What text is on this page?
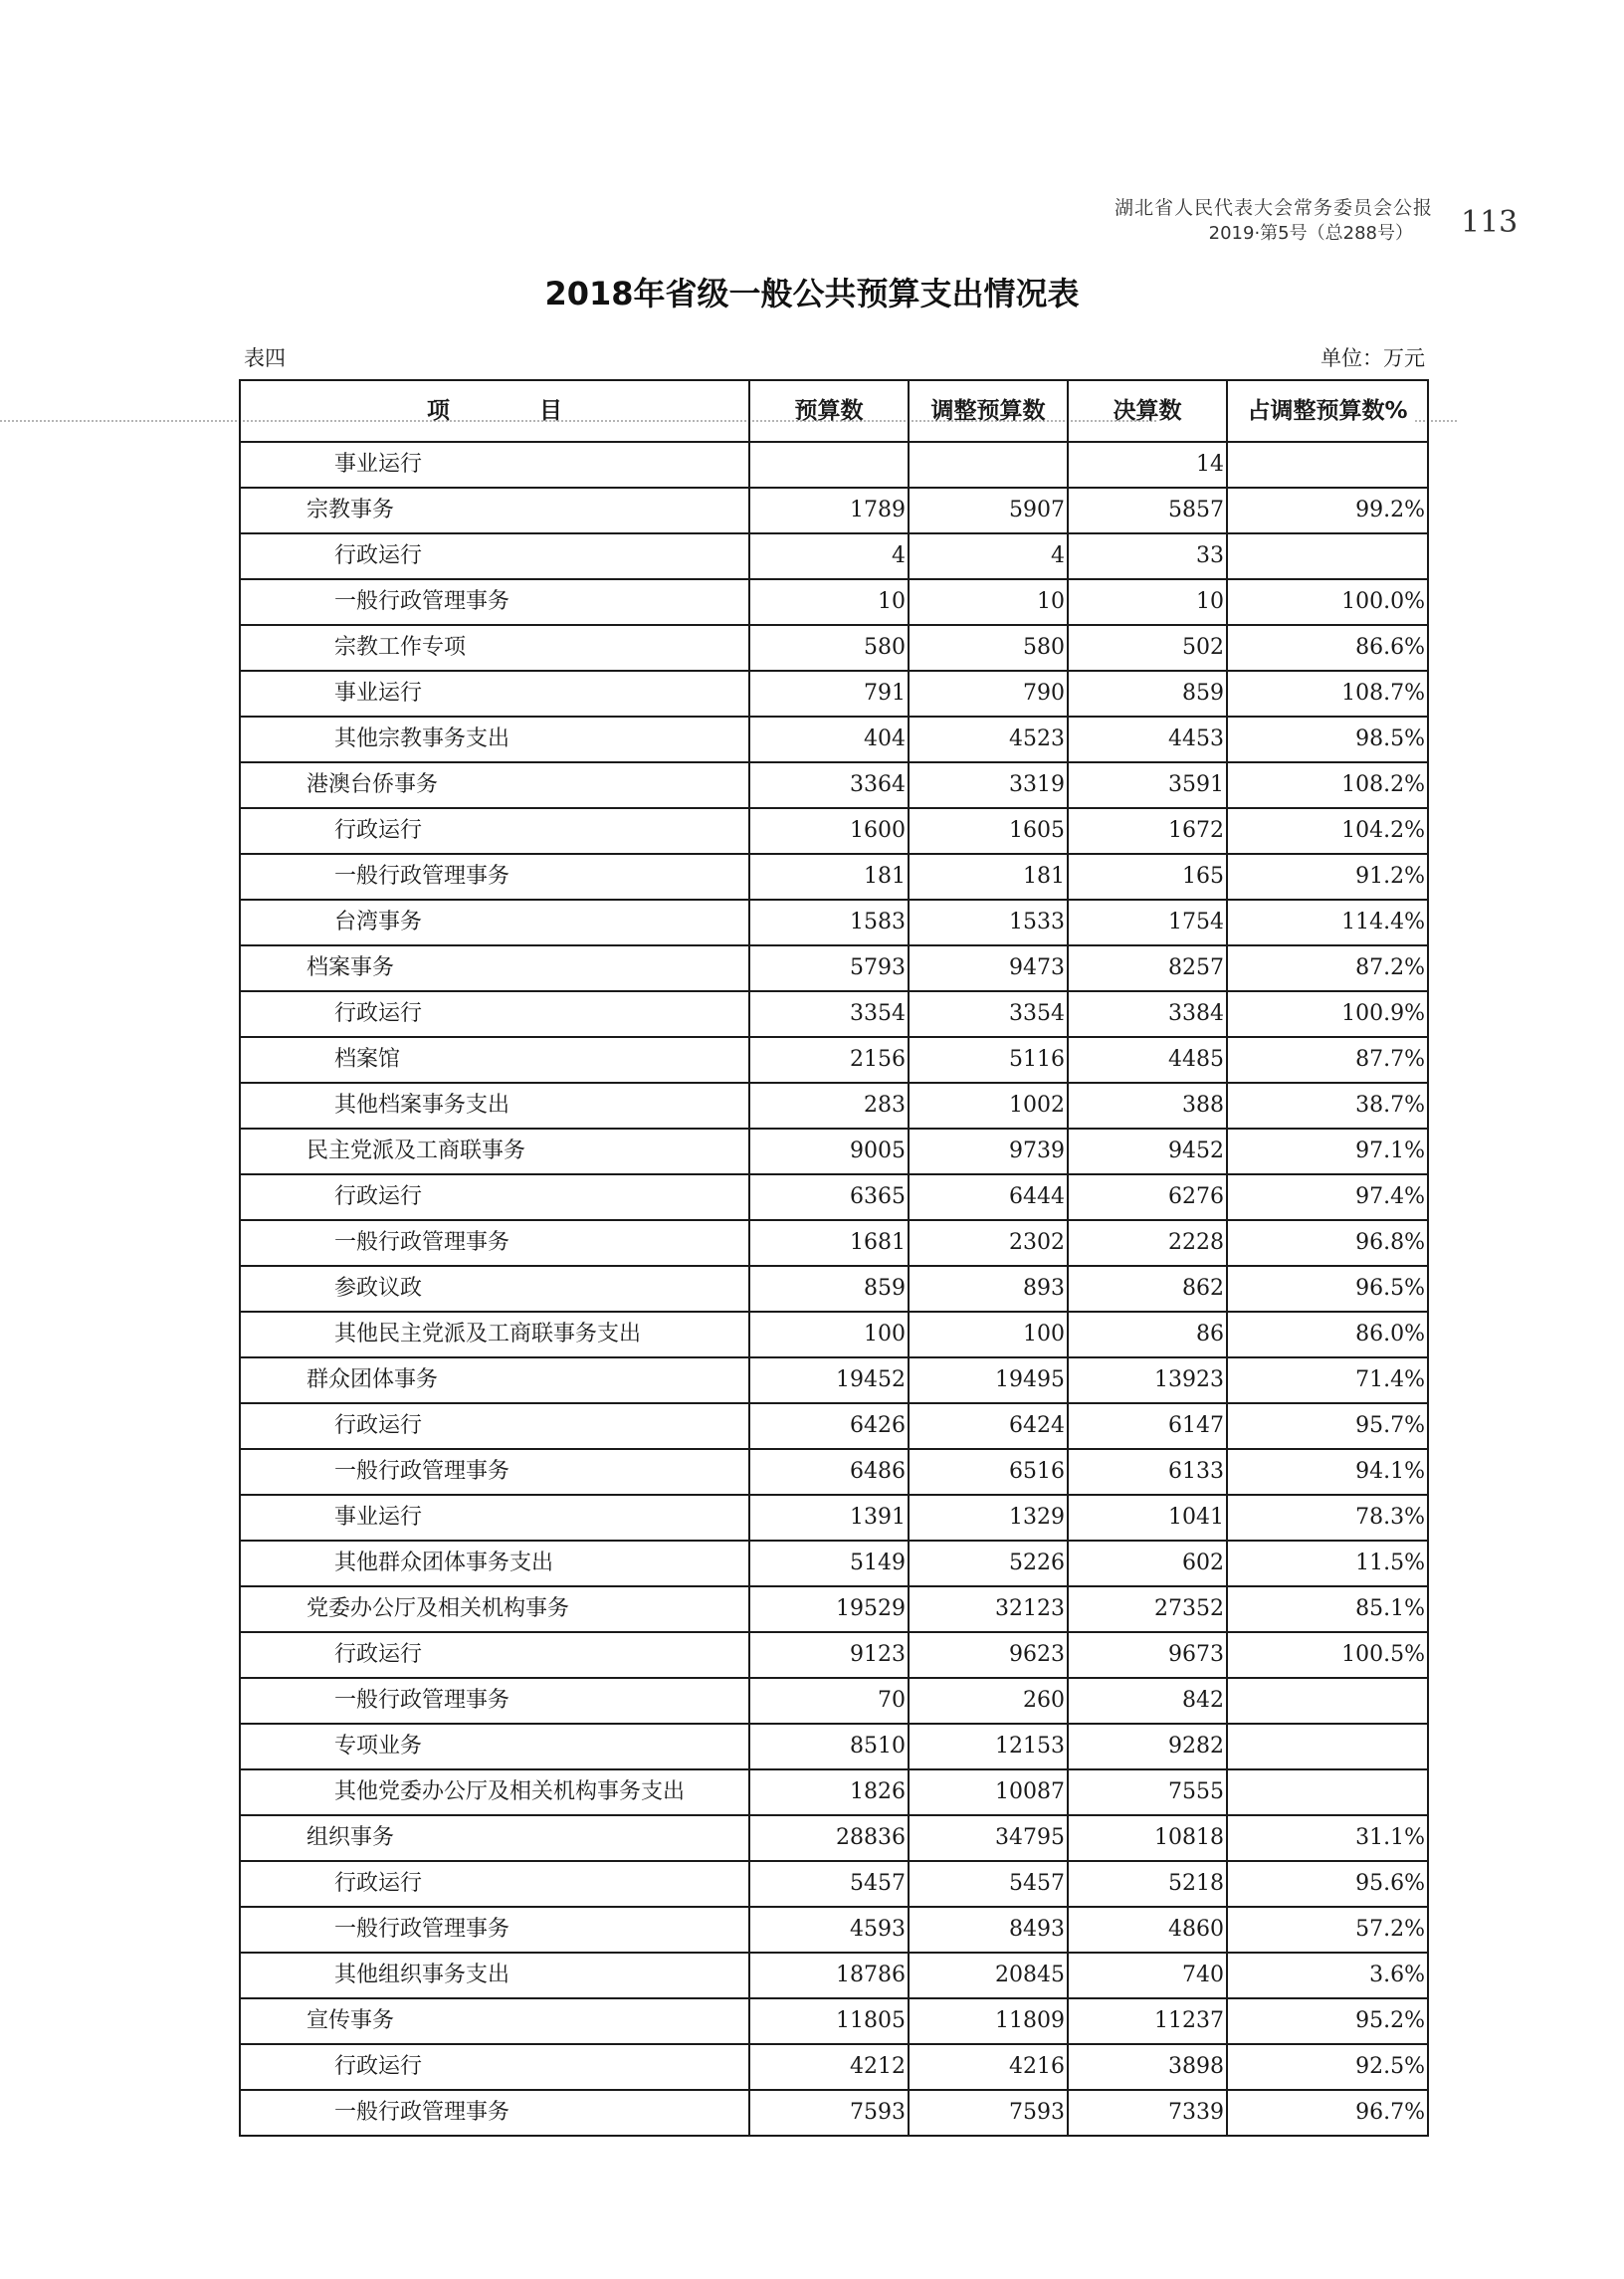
湖北省人民代表大会常务委员会公报
2019·第5号（总288号） 113
2018年省级一般公共预算支出情况表
表四	单位：万元
项 目	预算数	调整预算数	决算数	占调整预算数%
事业运行			14	
宗教事务	1789	5907	5857	99.2%
行政运行	4	4	33	
一般行政管理事务	10	10	10	100.0%
宗教工作专项	580	580	502	86.6%
事业运行	791	790	859	108.7%
其他宗教事务支出	404	4523	4453	98.5%
港澳台侨事务	3364	3319	3591	108.2%
行政运行	1600	1605	1672	104.2%
一般行政管理事务	181	181	165	91.2%
台湾事务	1583	1533	1754	114.4%
档案事务	5793	9473	8257	87.2%
行政运行	3354	3354	3384	100.9%
档案馆	2156	5116	4485	87.7%
其他档案事务支出	283	1002	388	38.7%
民主党派及工商联事务	9005	9739	9452	97.1%
行政运行	6365	6444	6276	97.4%
一般行政管理事务	1681	2302	2228	96.8%
参政议政	859	893	862	96.5%
其他民主党派及工商联事务支出	100	100	86	86.0%
群众团体事务	19452	19495	13923	71.4%
行政运行	6426	6424	6147	95.7%
一般行政管理事务	6486	6516	6133	94.1%
事业运行	1391	1329	1041	78.3%
其他群众团体事务支出	5149	5226	602	11.5%
党委办公厅及相关机构事务	19529	32123	27352	85.1%
行政运行	9123	9623	9673	100.5%
一般行政管理事务	70	260	842	
专项业务	8510	12153	9282	
其他党委办公厅及相关机构事务支出	1826	10087	7555	
组织事务	28836	34795	10818	31.1%
行政运行	5457	5457	5218	95.6%
一般行政管理事务	4593	8493	4860	57.2%
其他组织事务支出	18786	20845	740	3.6%
宣传事务	11805	11809	11237	95.2%
行政运行	4212	4216	3898	92.5%
一般行政管理事务	7593	7593	7339	96.7%
